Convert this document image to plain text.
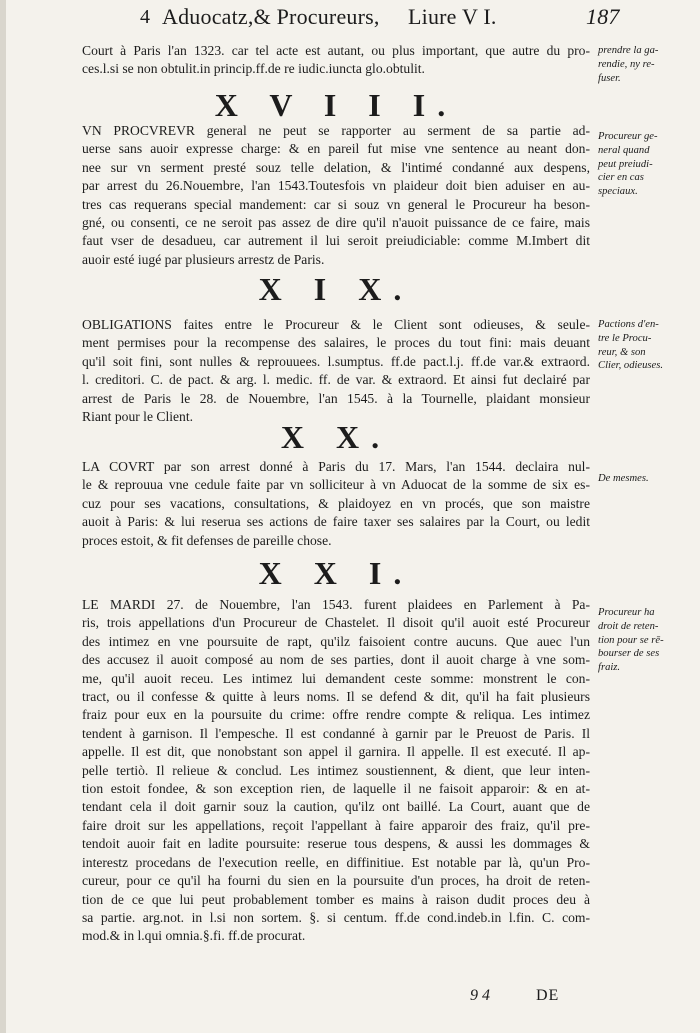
4 Aduocatz,& Procureurs, Liure V I.	187
Court à Paris l'an 1323. car tel acte est autant, ou plus important, que autre du pro-
ces.l.si se non obtulit.in princip.ff.de re iudic.iuncta glo.obtulit.
prendre la ga-
rendie, ny re-
fuser.
X V I I I.
VN PROCVREVR general ne peut se rapporter au serment de sa partie ad-
uerse sans auoir expresse charge: & en pareil fut mise vne sentence au neant don-
nee sur vn serment presté souz telle delation, & l'intimé condanné aux despens,
par arrest du 26.Nouembre, l'an 1543.Toutesfois vn plaideur doit bien aduiser en au-
tres cas requerans special mandement: car si souz vn general le Procureur ha beson-
gné, ou consenti, ce ne seroit pas assez de dire qu'il n'auoit puissance de ce faire, mais
faut vser de desadueu, car autrement il lui seroit preiudiciable: comme M.Imbert dit
auoir esté iugé par plusieurs arrestz de Paris.
Procureur ge-
neral quand
peut preiudi-
cier en cas
speciaux.
X I X.
OBLIGATIONS faites entre le Procureur & le Client sont odieuses, & seule-
ment permises pour la recompense des salaires, le proces du tout fini: mais deuant
qu'il soit fini, sont nulles & reprouuees. l.sumptus. ff.de pact.l.j. ff.de var.& extraord.
l. creditori. C. de pact. & arg. l. medic. ff. de var. & extraord. Et ainsi fut declairé par
arrest de Paris le 28. de Nouembre, l'an 1545. à la Tournelle, plaidant monsieur
Riant pour le Client.
Pactions d'en-
tre le Procu-
reur, & son
Clier, odieuses.
X X.
LA COVRT par son arrest donné à Paris du 17. Mars, l'an 1544. declaira nul-
le & reprouua vne cedule faite par vn solliciteur à vn Aduocat de la somme de six es-
cuz pour ses vacations, consultations, & plaidoyez en vn procés, que son maistre
auoit à Paris: & lui reserua ses actions de faire taxer ses salaires par la Court, ou ledit
proces estoit, & fit defenses de pareille chose.
De mesmes.
X X I.
LE MARDI 27. de Nouembre, l'an 1543. furent plaidees en Parlement à Pa-
ris, trois appellations d'un Procureur de Chastelet. Il disoit qu'il auoit esté Procureur
des intimez en vne poursuite de rapt, qu'ilz faisoient contre aucuns. Que auec l'un
des accusez il auoit composé au nom de ses parties, dont il auoit charge à vne som-
me, qu'il auoit receu. Les intimez lui demandent ceste somme: monstrent le con-
tract, ou il confesse & quitte à leurs noms. Il se defend & dit, qu'il ha fait plusieurs
fraiz pour eux en la poursuite du crime: offre rendre compte & reliqua. Les intimez
tendent à garnison. Il l'empesche. Il est condanné à garnir par le Preuost de Paris. Il
appelle. Il est dit, que nonobstant son appel il garnira. Il appelle. Il est executé. Il ap-
pelle tertiò. Il relieue & conclud. Les intimez soustiennent, & dient, que leur inten-
tion estoit fondee, & son exception rien, de laquelle il ne faisoit apparoir: & en at-
tendant cela il doit garnir souz la caution, qu'ilz ont baillé. La Court, auant que de
faire droit sur les appellations, reçoit l'appellant à faire apparoir des fraiz, qu'il pre-
tendoit auoir fait en ladite poursuite: reserue tous despens, & aussi les dommages &
interestz procedans de l'execution reelle, en diffinitiue. Est notable par là, qu'un Pro-
cureur, pour ce qu'il ha fourni du sien en la poursuite d'un proces, ha droit de reten-
tion de ce que lui peut probablement tomber es mains à raison dudit proces deu à
sa partie. arg.not. in l.si non sortem. §. si centum. ff.de cond.indeb.in l.fin. C. com-
mod.& in l.qui omnia.§.fi. ff.de procurat.
Procureur ha
droit de reten-
tion pour se rē-
bourser de ses
fraiz.
9 4	DE
